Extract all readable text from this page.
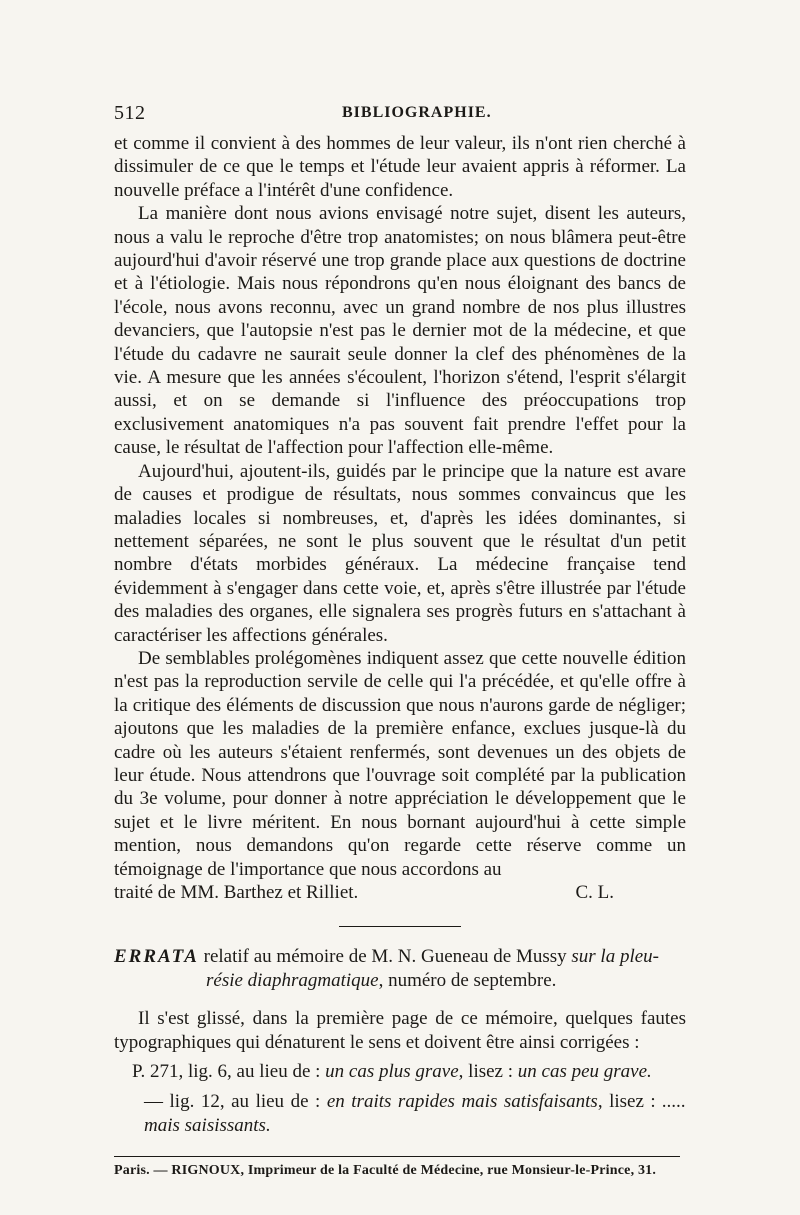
512	BIBLIOGRAPHIE.

et comme il convient à des hommes de leur valeur, ils n'ont rien cherché à dissimuler de ce que le temps et l'étude leur avaient appris à réformer. La nouvelle préface a l'intérêt d'une confidence.

La manière dont nous avions envisagé notre sujet, disent les auteurs, nous a valu le reproche d'être trop anatomistes; on nous blâmera peut-être aujourd'hui d'avoir réservé une trop grande place aux questions de doctrine et à l'étiologie. Mais nous répondrons qu'en nous éloignant des bancs de l'école, nous avons reconnu, avec un grand nombre de nos plus illustres devanciers, que l'autopsie n'est pas le dernier mot de la médecine, et que l'étude du cadavre ne saurait seule donner la clef des phénomènes de la vie. A mesure que les années s'écoulent, l'horizon s'étend, l'esprit s'élargit aussi, et on se demande si l'influence des préoccupations trop exclusivement anatomiques n'a pas souvent fait prendre l'effet pour la cause, le résultat de l'affection pour l'affection elle-même.

Aujourd'hui, ajoutent-ils, guidés par le principe que la nature est avare de causes et prodigue de résultats, nous sommes convaincus que les maladies locales si nombreuses, et, d'après les idées dominantes, si nettement séparées, ne sont le plus souvent que le résultat d'un petit nombre d'états morbides généraux. La médecine française tend évidemment à s'engager dans cette voie, et, après s'être illustrée par l'étude des maladies des organes, elle signalera ses progrès futurs en s'attachant à caractériser les affections générales.

De semblables prolégomènes indiquent assez que cette nouvelle édition n'est pas la reproduction servile de celle qui l'a précédée, et qu'elle offre à la critique des éléments de discussion que nous n'aurons garde de négliger; ajoutons que les maladies de la première enfance, exclues jusque-là du cadre où les auteurs s'étaient renfermés, sont devenues un des objets de leur étude. Nous attendrons que l'ouvrage soit complété par la publication du 3e volume, pour donner à notre appréciation le développement que le sujet et le livre méritent. En nous bornant aujourd'hui à cette simple mention, nous demandons qu'on regarde cette réserve comme un témoignage de l'importance que nous accordons au

traité de MM. Barthez et Rilliet.	C. L.
ERRATA relatif au mémoire de M. N. Gueneau de Mussy sur la pleu-
résie diaphragmatique, numéro de septembre.

Il s'est glissé, dans la première page de ce mémoire, quelques fautes typographiques qui dénaturent le sens et doivent être ainsi corrigées :

P. 271, lig. 6, au lieu de : un cas plus grave, lisez : un cas peu grave.

— lig. 12, au lieu de : en traits rapides mais satisfaisants, lisez : ..... mais saisissants.

Paris. — RIGNOUX, Imprimeur de la Faculté de Médecine, rue Monsieur-le-Prince, 31.
